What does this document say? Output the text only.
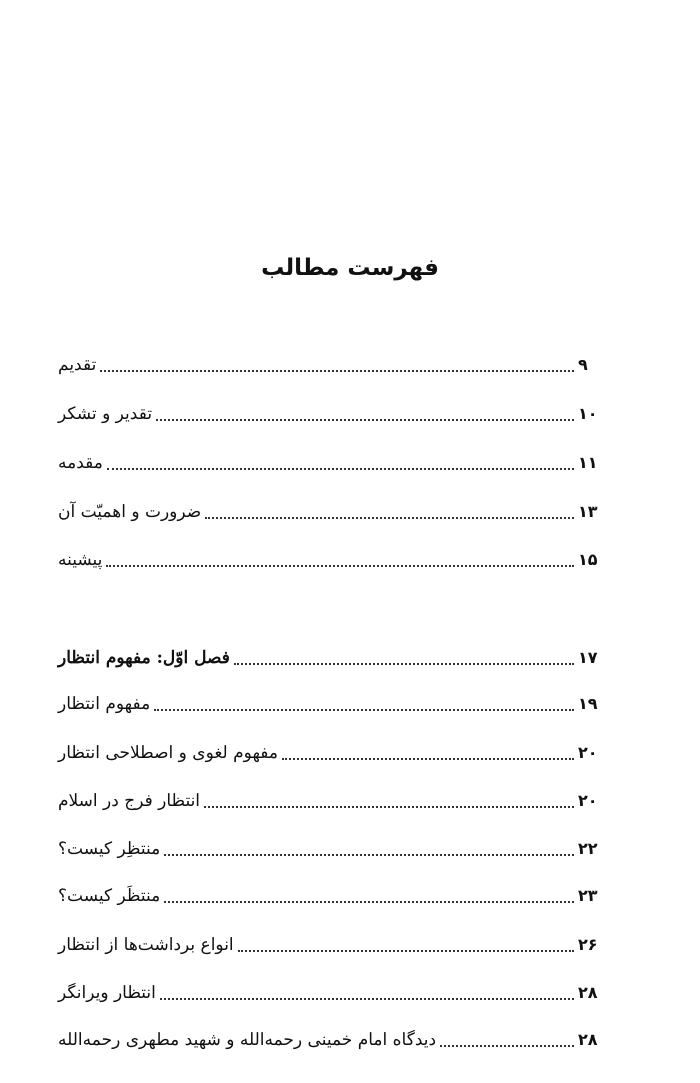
فهرست مطالب
تقدیم	۹
تقدیر و تشکر	۱۰
مقدمه	۱۱
ضرورت و اهمیّت آن	۱۳
پیشینه	۱۵
فصل اوّل: مفهوم انتظار	۱۷
مفهوم انتظار	۱۹
مفهوم لغوی و اصطلاحی انتظار	۲۰
انتظار فرج در اسلام	۲۰
منتظِر کیست؟	۲۲
منتظَر کیست؟	۲۳
انواع برداشت‌ها از انتظار	۲۶
انتظار ویرانگر	۲۸
دیدگاه امام خمینی رحمه‌الله و شهید مطهری رحمه‌الله	۲۸
